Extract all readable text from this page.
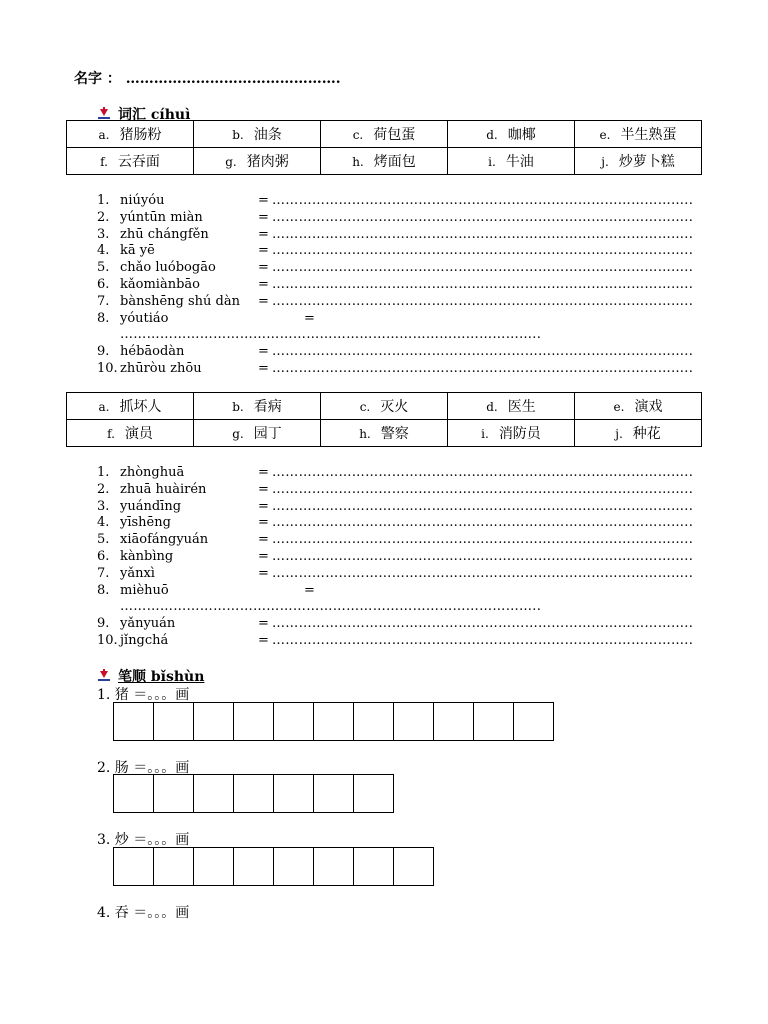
名字 ： ……………………………………….
词汇 cíhuì
a. 猪肠粉	b. 油条	c. 荷包蛋	d. 咖椰	e. 半生熟蛋
f. 云吞面	g. 猪肉粥	h. 烤面包	i. 牛油	j. 炒萝卜糕
1. niúyóu	= …………………………………………………………………………………..
2. yúntūn miàn	= …………………………………………………………………………………..
3. zhū chángfěn	= …………………………………………………………………………………..
4. kā yē	= …………………………………………………………………………………..
5. chǎo luóbogāo	= …………………………………………………………………………………..
6. kǎomiànbāo	= …………………………………………………………………………………..
7. bànshēng shú dàn	= …………………………………………………………………………………..
8. yóutiáo	=
…………………………………………………………………………………..
9. hébāodàn	= …………………………………………………………………………………..
10. zhūròu zhōu	= …………………………………………………………………………………..
a. 抓坏人	b. 看病	c. 灭火	d. 医生	e. 演戏
f. 演员	g. 园丁	h. 警察	i. 消防员	j. 种花
1. zhònghuā	= …………………………………………………………………………………..
2. zhuā huàirén	= …………………………………………………………………………………..
3. yuándīng	= …………………………………………………………………………………..
4. yīshēng	= …………………………………………………………………………………..
5. xiāofángyuán	= …………………………………………………………………………………..
6. kànbìng	= …………………………………………………………………………………..
7. yǎnxì	= …………………………………………………………………………………..
8. mièhuō	=
…………………………………………………………………………………..
9. yǎnyuán	= …………………………………………………………………………………..
10. jǐngchá	= …………………………………………………………………………………..
笔顺 bǐshùn
1. 猪 ＝。。。画
2. 肠 ＝。。。画
3. 炒 ＝。。。画
4. 吞 ＝。。。画
